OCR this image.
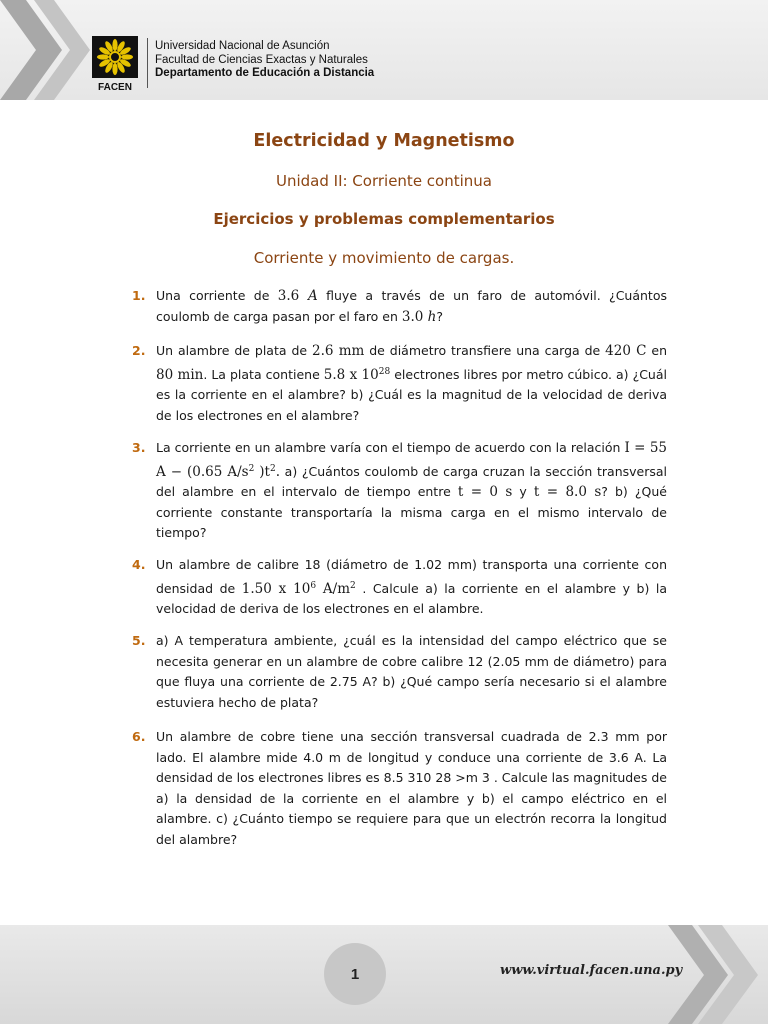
FACEN
Universidad Nacional de Asunción
Facultad de Ciencias Exactas y Naturales
Departamento de Educación a Distancia
Electricidad y Magnetismo
Unidad II: Corriente continua
Ejercicios y problemas complementarios
Corriente y movimiento de cargas.
1. Una corriente de 3.6 A fluye a través de un faro de automóvil. ¿Cuántos coulomb de carga pasan por el faro en 3.0 h?
2. Un alambre de plata de 2.6 mm de diámetro transfiere una carga de 420 C en 80 min. La plata contiene 5.8 x $10^{28}$ electrones libres por metro cúbico. a) ¿Cuál es la corriente en el alambre? b) ¿Cuál es la magnitud de la velocidad de deriva de los electrones en el alambre?
3. La corriente en un alambre varía con el tiempo de acuerdo con la relación I = 55 A − (0.65 $A/s^2$ )$t^2$. a) ¿Cuántos coulomb de carga cruzan la sección transversal del alambre en el intervalo de tiempo entre t = 0 s y t = 8.0 s? b) ¿Qué corriente constante transportaría la misma carga en el mismo intervalo de tiempo?
4. Un alambre de calibre 18 (diámetro de 1.02 mm) transporta una corriente con densidad de 1.50 x $10^6$ $A/m^2$ . Calcule a) la corriente en el alambre y b) la velocidad de deriva de los electrones en el alambre.
5. a) A temperatura ambiente, ¿cuál es la intensidad del campo eléctrico que se necesita generar en un alambre de cobre calibre 12 (2.05 mm de diámetro) para que fluya una corriente de 2.75 A? b) ¿Qué campo sería necesario si el alambre estuviera hecho de plata?
6. Un alambre de cobre tiene una sección transversal cuadrada de 2.3 mm por lado. El alambre mide 4.0 m de longitud y conduce una corriente de 3.6 A. La densidad de los electrones libres es 8.5 310 28 >m 3 . Calcule las magnitudes de a) la densidad de la corriente en el alambre y b) el campo eléctrico en el alambre. c) ¿Cuánto tiempo se requiere para que un electrón recorra la longitud del alambre?
1	www.virtual.facen.una.py
